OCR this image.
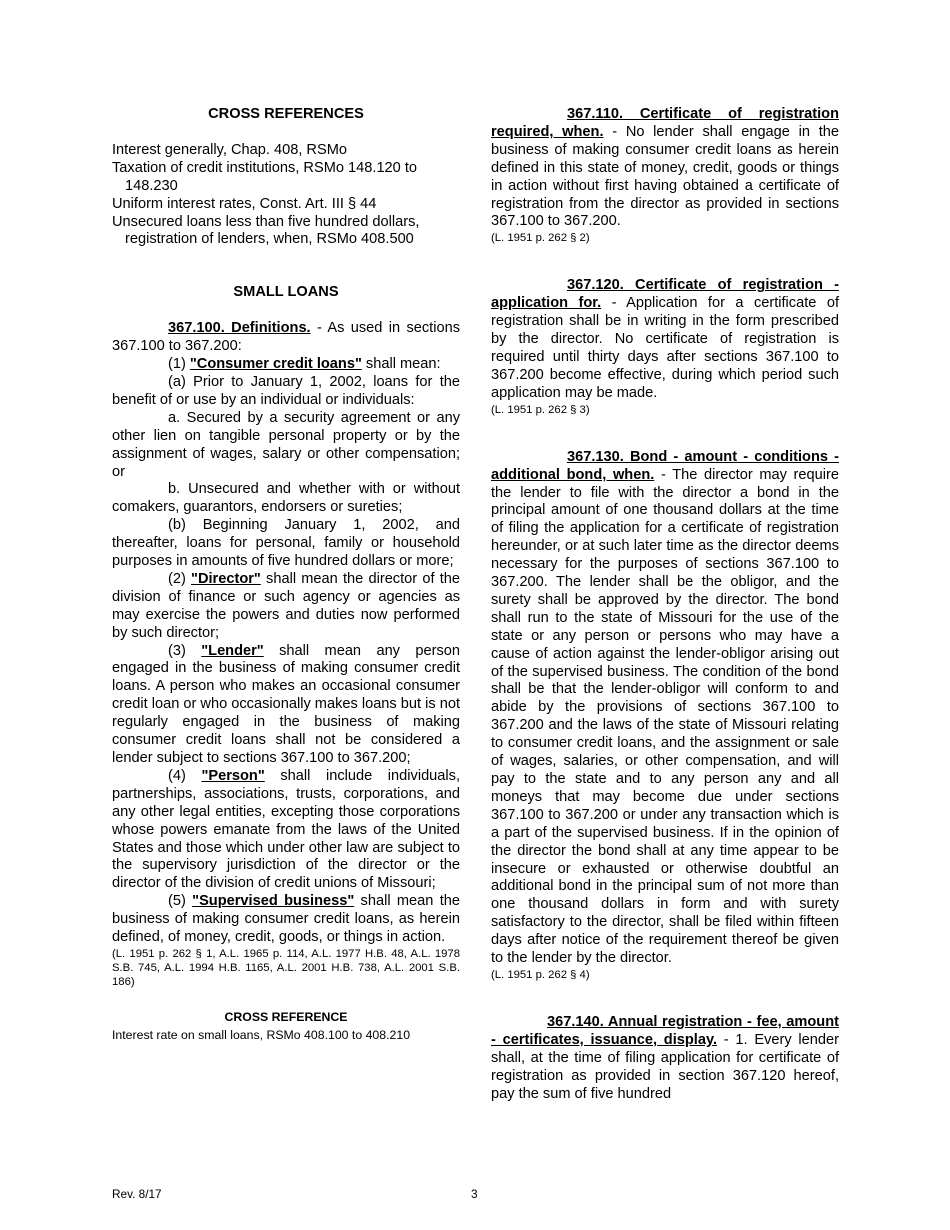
CROSS REFERENCES

Interest generally, Chap. 408, RSMo

Taxation of credit institutions, RSMo 148.120 to 148.230

Uniform interest rates, Const. Art. III § 44

Unsecured loans less than five hundred dollars, registration of lenders, when, RSMo 408.500

SMALL LOANS

367.100. Definitions. - As used in sections 367.100 to 367.200:

(1) "Consumer credit loans" shall mean:

(a) Prior to January 1, 2002, loans for the benefit of or use by an individual or individuals:

a. Secured by a security agreement or any other lien on tangible personal property or by the assignment of wages, salary or other compensation; or

b. Unsecured and whether with or without comakers, guarantors, endorsers or sureties;

(b) Beginning January 1, 2002, and thereafter, loans for personal, family or household purposes in amounts of five hundred dollars or more;

(2) "Director" shall mean the director of the division of finance or such agency or agencies as may exercise the powers and duties now performed by such director;

(3) "Lender" shall mean any person engaged in the business of making consumer credit loans. A person who makes an occasional consumer credit loan or who occasionally makes loans but is not regularly engaged in the business of making consumer credit loans shall not be considered a lender subject to sections 367.100 to 367.200;

(4) "Person" shall include individuals, partnerships, associations, trusts, corporations, and any other legal entities, excepting those corporations whose powers emanate from the laws of the United States and those which under other law are subject to the supervisory jurisdiction of the director or the director of the division of credit unions of Missouri;

(5) "Supervised business" shall mean the business of making consumer credit loans, as herein defined, of money, credit, goods, or things in action.

(L. 1951 p. 262 § 1, A.L. 1965 p. 114, A.L. 1977 H.B. 48, A.L. 1978 S.B. 745, A.L. 1994 H.B. 1165, A.L. 2001 H.B. 738, A.L. 2001 S.B. 186)

CROSS REFERENCE

Interest rate on small loans, RSMo 408.100 to 408.210

367.110. Certificate of registration required, when. - No lender shall engage in the business of making consumer credit loans as herein defined in this state of money, credit, goods or things in action without first having obtained a certificate of registration from the director as provided in sections 367.100 to 367.200.

(L. 1951 p. 262 § 2)

367.120. Certificate of registration - application for. - Application for a certificate of registration shall be in writing in the form prescribed by the director. No certificate of registration is required until thirty days after sections 367.100 to 367.200 become effective, during which period such application may be made.

(L. 1951 p. 262 § 3)

367.130. Bond - amount - conditions - additional bond, when. - The director may require the lender to file with the director a bond in the principal amount of one thousand dollars at the time of filing the application for a certificate of registration hereunder, or at such later time as the director deems necessary for the purposes of sections 367.100 to 367.200. The lender shall be the obligor, and the surety shall be approved by the director. The bond shall run to the state of Missouri for the use of the state or any person or persons who may have a cause of action against the lender-obligor arising out of the supervised business. The condition of the bond shall be that the lender-obligor will conform to and abide by the provisions of sections 367.100 to 367.200 and the laws of the state of Missouri relating to consumer credit loans, and the assignment or sale of wages, salaries, or other compensation, and will pay to the state and to any person any and all moneys that may become due under sections 367.100 to 367.200 or under any transaction which is a part of the supervised business. If in the opinion of the director the bond shall at any time appear to be insecure or exhausted or otherwise doubtful an additional bond in the principal sum of not more than one thousand dollars in form and with surety satisfactory to the director, shall be filed within fifteen days after notice of the requirement thereof be given to the lender by the director.

(L. 1951 p. 262 § 4)

367.140. Annual registration - fee, amount - certificates, issuance, display. - 1. Every lender shall, at the time of filing application for certificate of registration as provided in section 367.120 hereof, pay the sum of five hundred

Rev. 8/17	3
